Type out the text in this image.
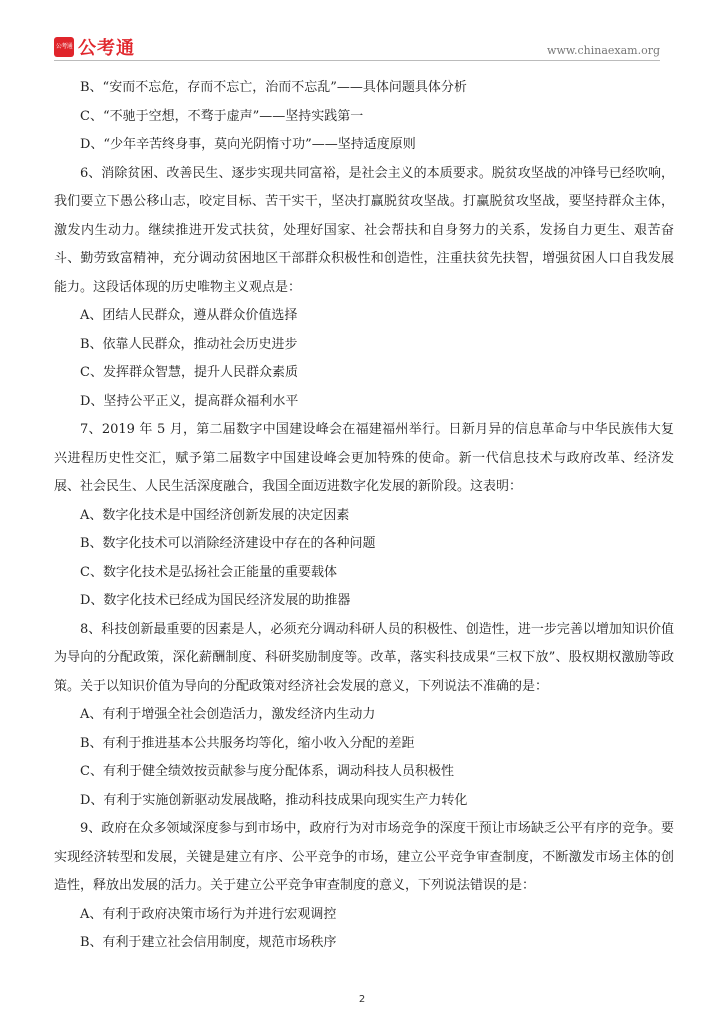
公考通 公考通	www.chinaexam.org
B、“安而不忘危，存而不忘亡，治而不忘乱”——具体问题具体分析
C、“不驰于空想，不骛于虚声”——坚持实践第一
D、“少年辛苦终身事，莫向光阴惰寸功”——坚持适度原则
6、消除贫困、改善民生、逐步实现共同富裕，是社会主义的本质要求。脱贫攻坚战的冲锋号已经吹响，我们要立下愚公移山志，咬定目标、苦干实干，坚决打赢脱贫攻坚战。打赢脱贫攻坚战，要坚持群众主体，激发内生动力。继续推进开发式扶贫，处理好国家、社会帮扶和自身努力的关系，发扬自力更生、艰苦奋斗、勤劳致富精神，充分调动贫困地区干部群众积极性和创造性，注重扶贫先扶智，增强贫困人口自我发展能力。这段话体现的历史唯物主义观点是：
A、团结人民群众，遵从群众价值选择
B、依靠人民群众，推动社会历史进步
C、发挥群众智慧，提升人民群众素质
D、坚持公平正义，提高群众福利水平
7、2019 年 5 月，第二届数字中国建设峰会在福建福州举行。日新月异的信息革命与中华民族伟大复兴进程历史性交汇，赋予第二届数字中国建设峰会更加特殊的使命。新一代信息技术与政府改革、经济发展、社会民生、人民生活深度融合，我国全面迈进数字化发展的新阶段。这表明：
A、数字化技术是中国经济创新发展的决定因素
B、数字化技术可以消除经济建设中存在的各种问题
C、数字化技术是弘扬社会正能量的重要载体
D、数字化技术已经成为国民经济发展的助推器
8、科技创新最重要的因素是人，必须充分调动科研人员的积极性、创造性，进一步完善以增加知识价值为导向的分配政策，深化薪酬制度、科研奖励制度等。改革，落实科技成果“三权下放”、股权期权激励等政策。关于以知识价值为导向的分配政策对经济社会发展的意义，下列说法不准确的是：
A、有利于增强全社会创造活力，激发经济内生动力
B、有利于推进基本公共服务均等化，缩小收入分配的差距
C、有利于健全绩效按贡献参与度分配体系，调动科技人员积极性
D、有利于实施创新驱动发展战略，推动科技成果向现实生产力转化
9、政府在众多领域深度参与到市场中，政府行为对市场竞争的深度干预让市场缺乏公平有序的竞争。要实现经济转型和发展，关键是建立有序、公平竞争的市场，建立公平竞争审查制度，不断激发市场主体的创造性，释放出发展的活力。关于建立公平竞争审查制度的意义，下列说法错误的是：
A、有利于政府决策市场行为并进行宏观调控
B、有利于建立社会信用制度，规范市场秩序
2
